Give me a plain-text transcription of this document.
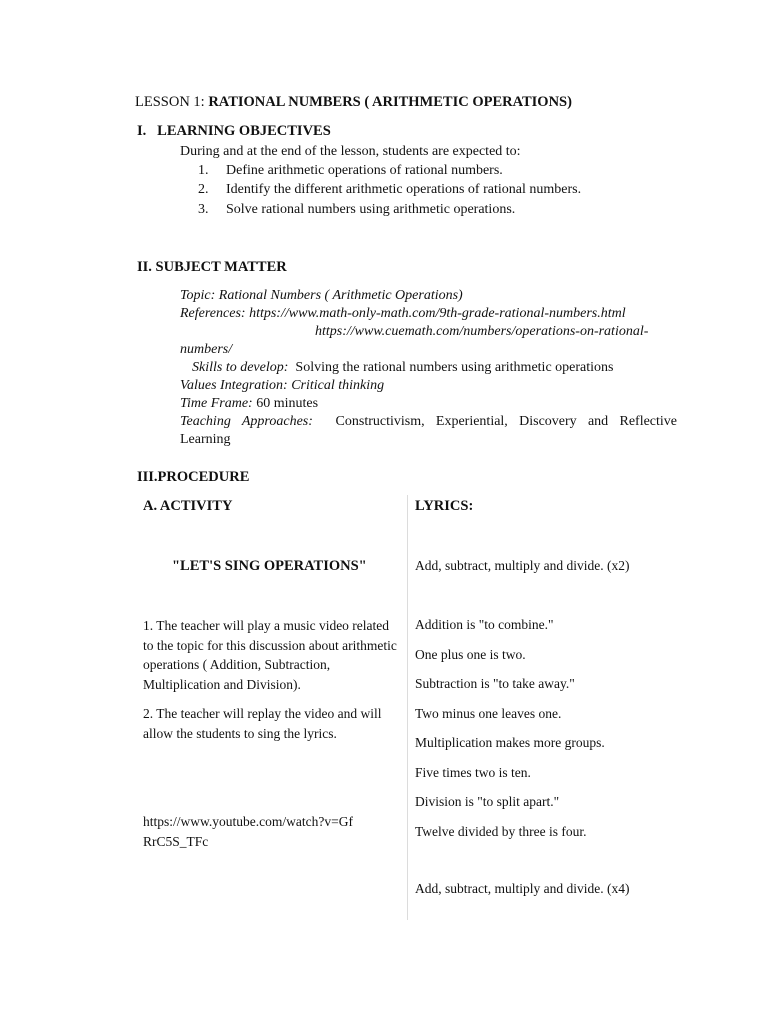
LESSON 1: RATIONAL NUMBERS ( ARITHMETIC OPERATIONS)
I.   LEARNING OBJECTIVES
During and at the end of the lesson, students are expected to:
1. Define arithmetic operations of rational numbers.
2. Identify the different arithmetic operations of rational numbers.
3. Solve rational numbers using arithmetic operations.
II. SUBJECT MATTER
Topic: Rational Numbers ( Arithmetic Operations)
References: https://www.math-only-math.com/9th-grade-rational-numbers.html
https://www.cuemath.com/numbers/operations-on-rational-
numbers/
Skills to develop: Solving the rational numbers using arithmetic operations
Values Integration: Critical thinking
Time Frame: 60 minutes
Teaching Approaches: Constructivism, Experiential, Discovery and Reflective
Learning
III.PROCEDURE
A. ACTIVITY
"LET'S SING OPERATIONS"
1. The teacher will play a music video related to the topic for this discussion about arithmetic operations ( Addition, Subtraction, Multiplication and Division).
2. The teacher will replay the video and will allow the students to sing the lyrics.
https://www.youtube.com/watch?v=GfRrC5S_TFc
LYRICS:
Add, subtract, multiply and divide. (x2)
Addition is "to combine."
One plus one is two.
Subtraction is "to take away."
Two minus one leaves one.
Multiplication makes more groups.
Five times two is ten.
Division is "to split apart."
Twelve divided by three is four.
Add, subtract, multiply and divide. (x4)
